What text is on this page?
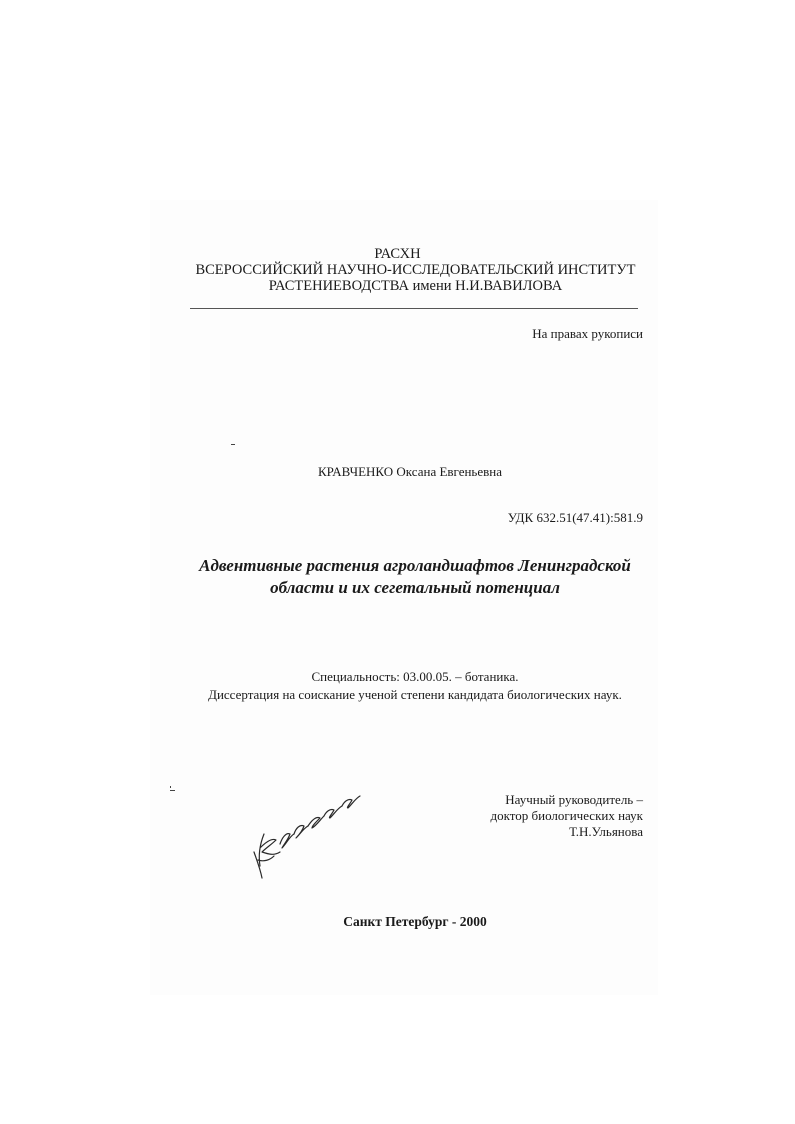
РАСХН
ВСЕРОССИЙСКИЙ НАУЧНО-ИССЛЕДОВАТЕЛЬСКИЙ ИНСТИТУТ
РАСТЕНИЕВОДСТВА имени Н.И.ВАВИЛОВА
На правах рукописи
КРАВЧЕНКО Оксана Евгеньевна
УДК 632.51(47.41):581.9
Адвентивные растения агроландшафтов Ленинградской
области и их сегетальный потенциал
Специальность: 03.00.05. – ботаника.
Диссертация на соискание ученой степени кандидата биологических наук.
Научный руководитель –
доктор биологических наук
Т.Н.Ульянова
Санкт Петербург - 2000
